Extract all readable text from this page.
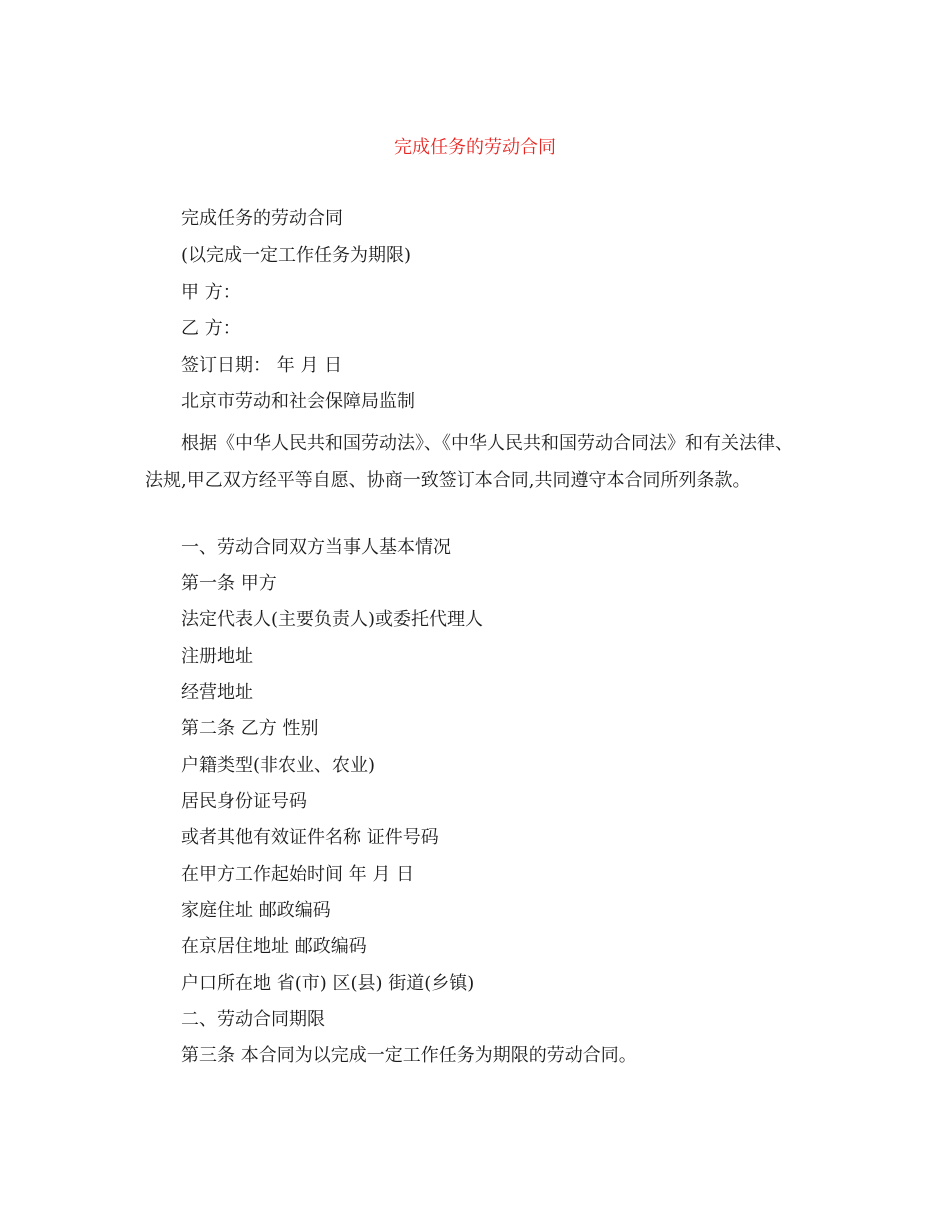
完成任务的劳动合同
完成任务的劳动合同
(以完成一定工作任务为期限)
甲 方：
乙 方：
签订日期： 年 月 日
北京市劳动和社会保障局监制
根据《中华人民共和国劳动法》、《中华人民共和国劳动合同法》和有关法律、法规,甲乙双方经平等自愿、协商一致签订本合同,共同遵守本合同所列条款。
一、劳动合同双方当事人基本情况
第一条 甲方
法定代表人(主要负责人)或委托代理人
注册地址
经营地址
第二条 乙方 性别
户籍类型(非农业、农业)
居民身份证号码
或者其他有效证件名称 证件号码
在甲方工作起始时间 年 月 日
家庭住址 邮政编码
在京居住地址 邮政编码
户口所在地 省(市) 区(县) 街道(乡镇)
二、劳动合同期限
第三条 本合同为以完成一定工作任务为期限的劳动合同。
